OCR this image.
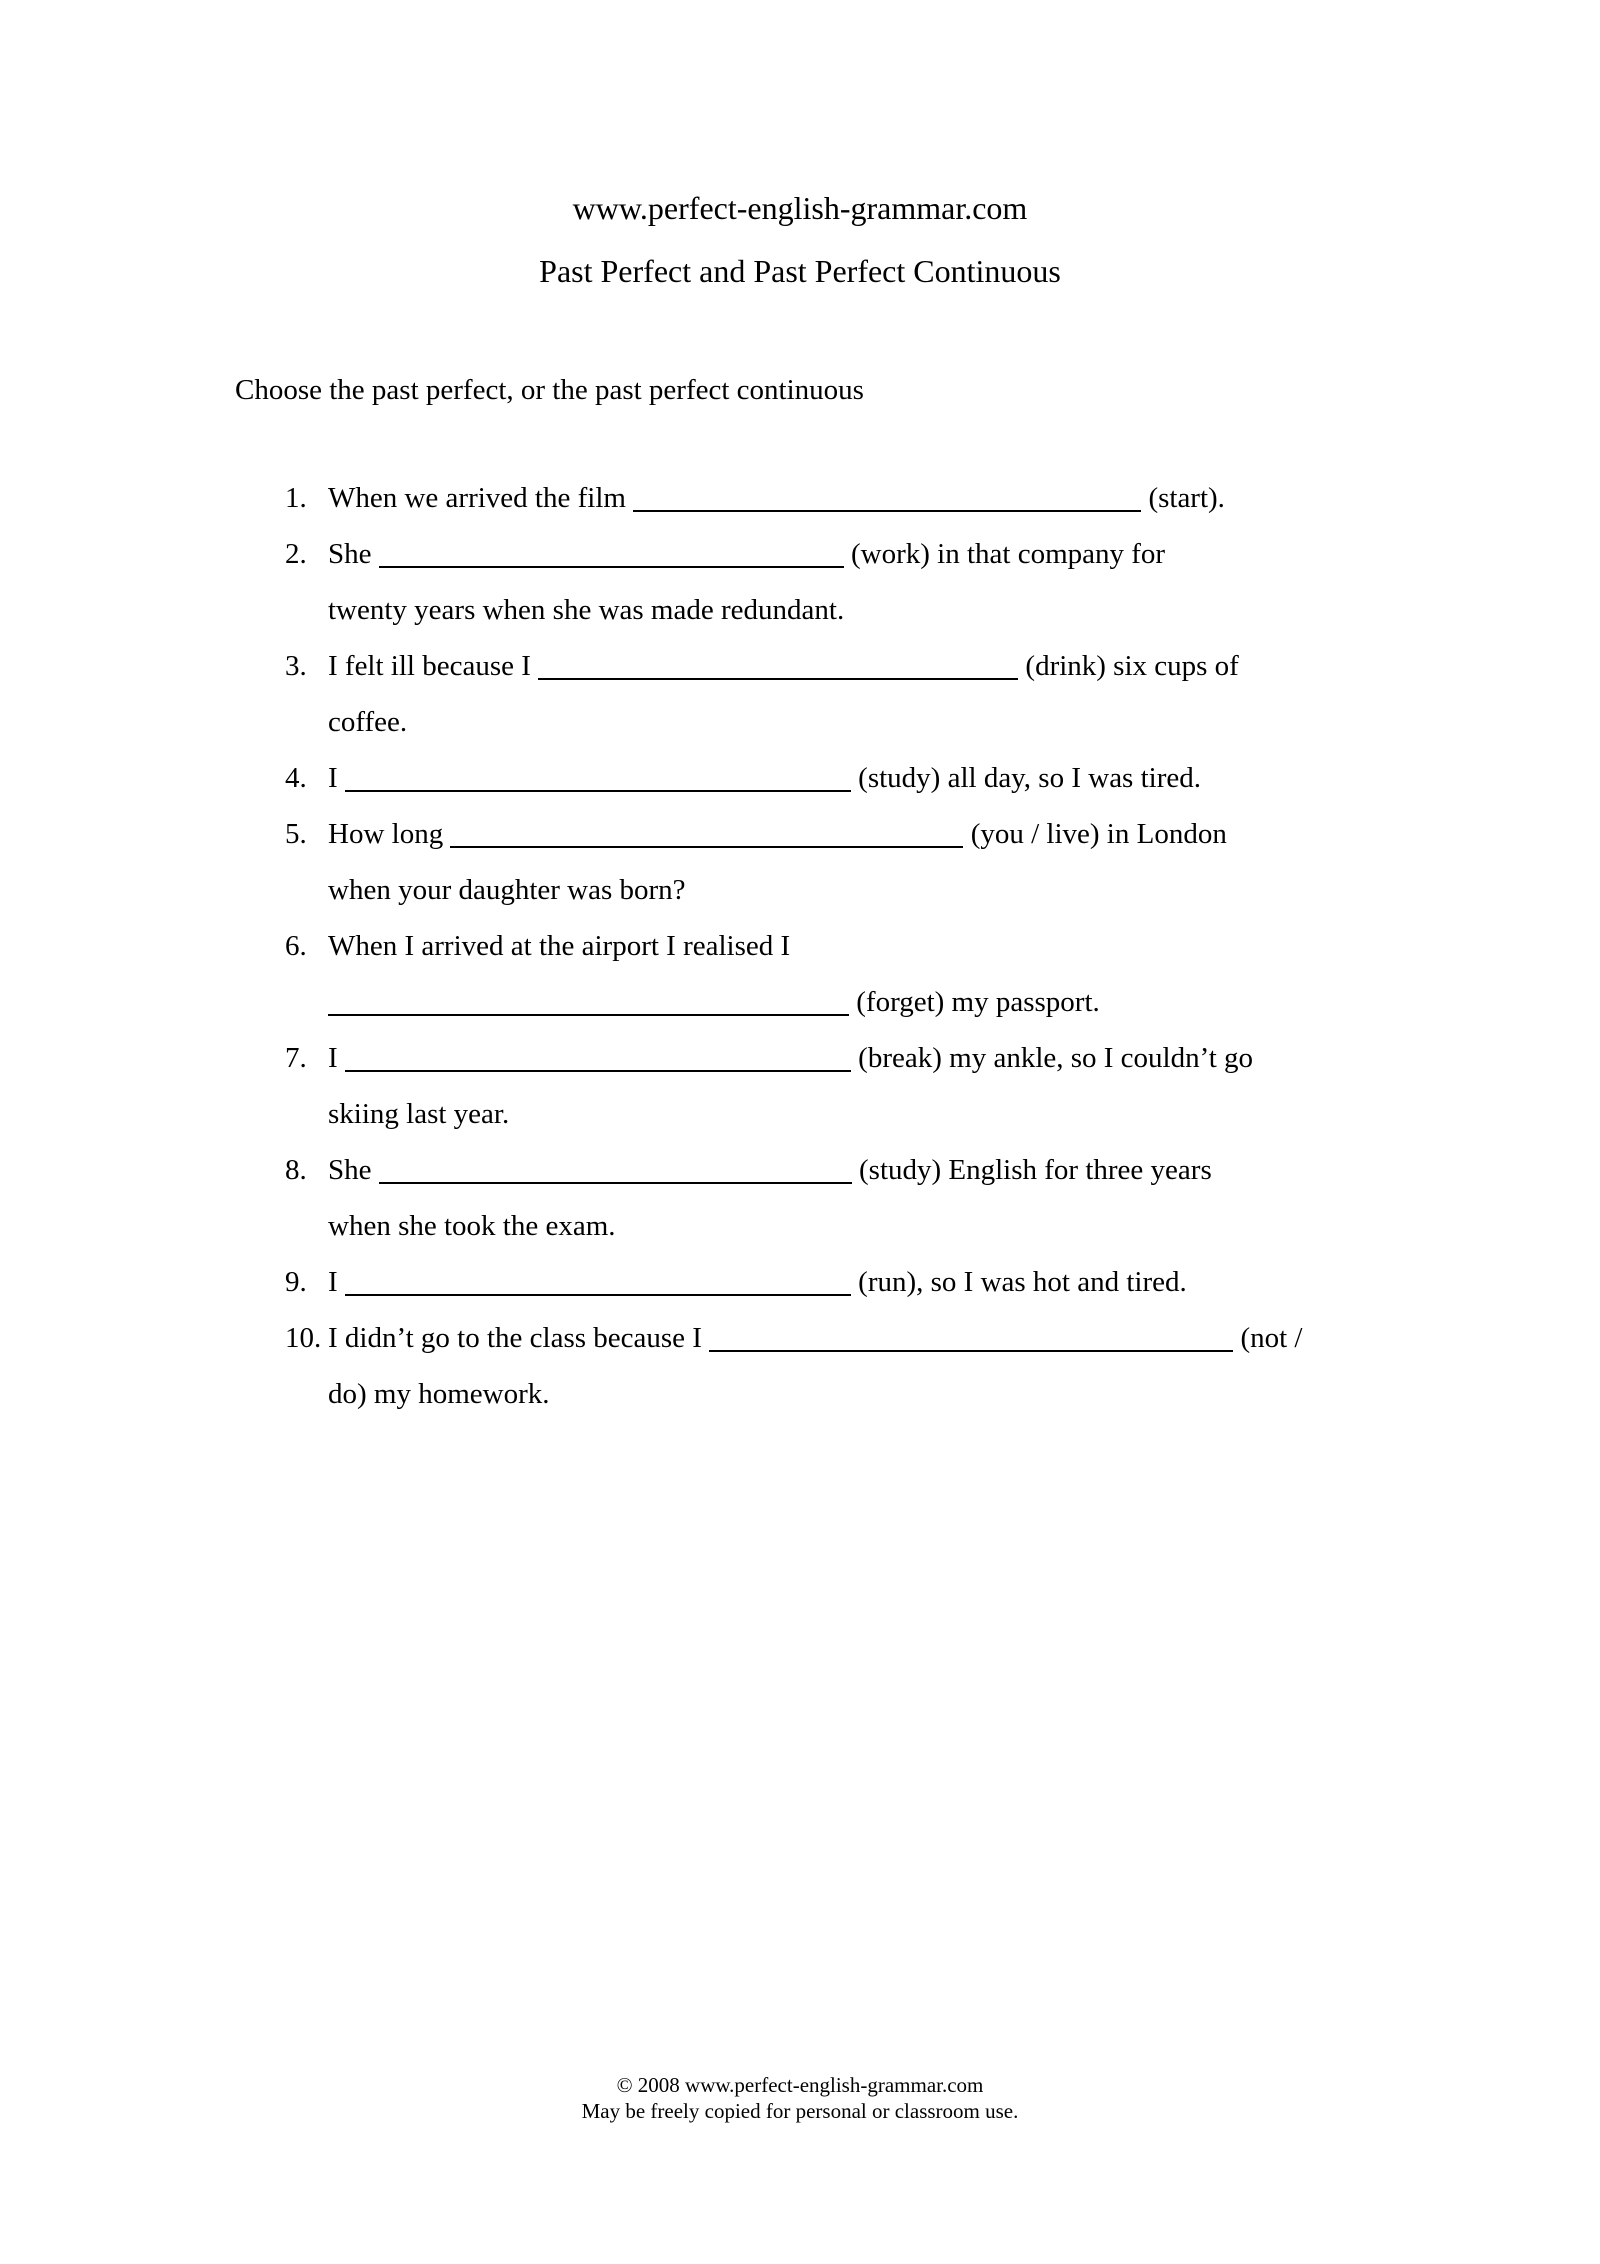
www.perfect-english-grammar.com
Past Perfect and Past Perfect Continuous
Choose the past perfect, or the past perfect continuous
1. When we arrived the film	(start).
2. She	(work) in that company for
twenty years when she was made redundant.
3. I felt ill because I	(drink) six cups of
coffee.
4. I	(study) all day, so I was tired.
5. How long	(you / live) in London
when your daughter was born?
6. When I arrived at the airport I realised I
(forget) my passport.
7. I	(break) my ankle, so I couldn’t go
skiing last year.
8. She	(study) English for three years
when she took the exam.
9. I	(run), so I was hot and tired.
10. I didn’t go to the class because I	(not /
do) my homework.
© 2008 www.perfect-english-grammar.com
May be freely copied for personal or classroom use.
